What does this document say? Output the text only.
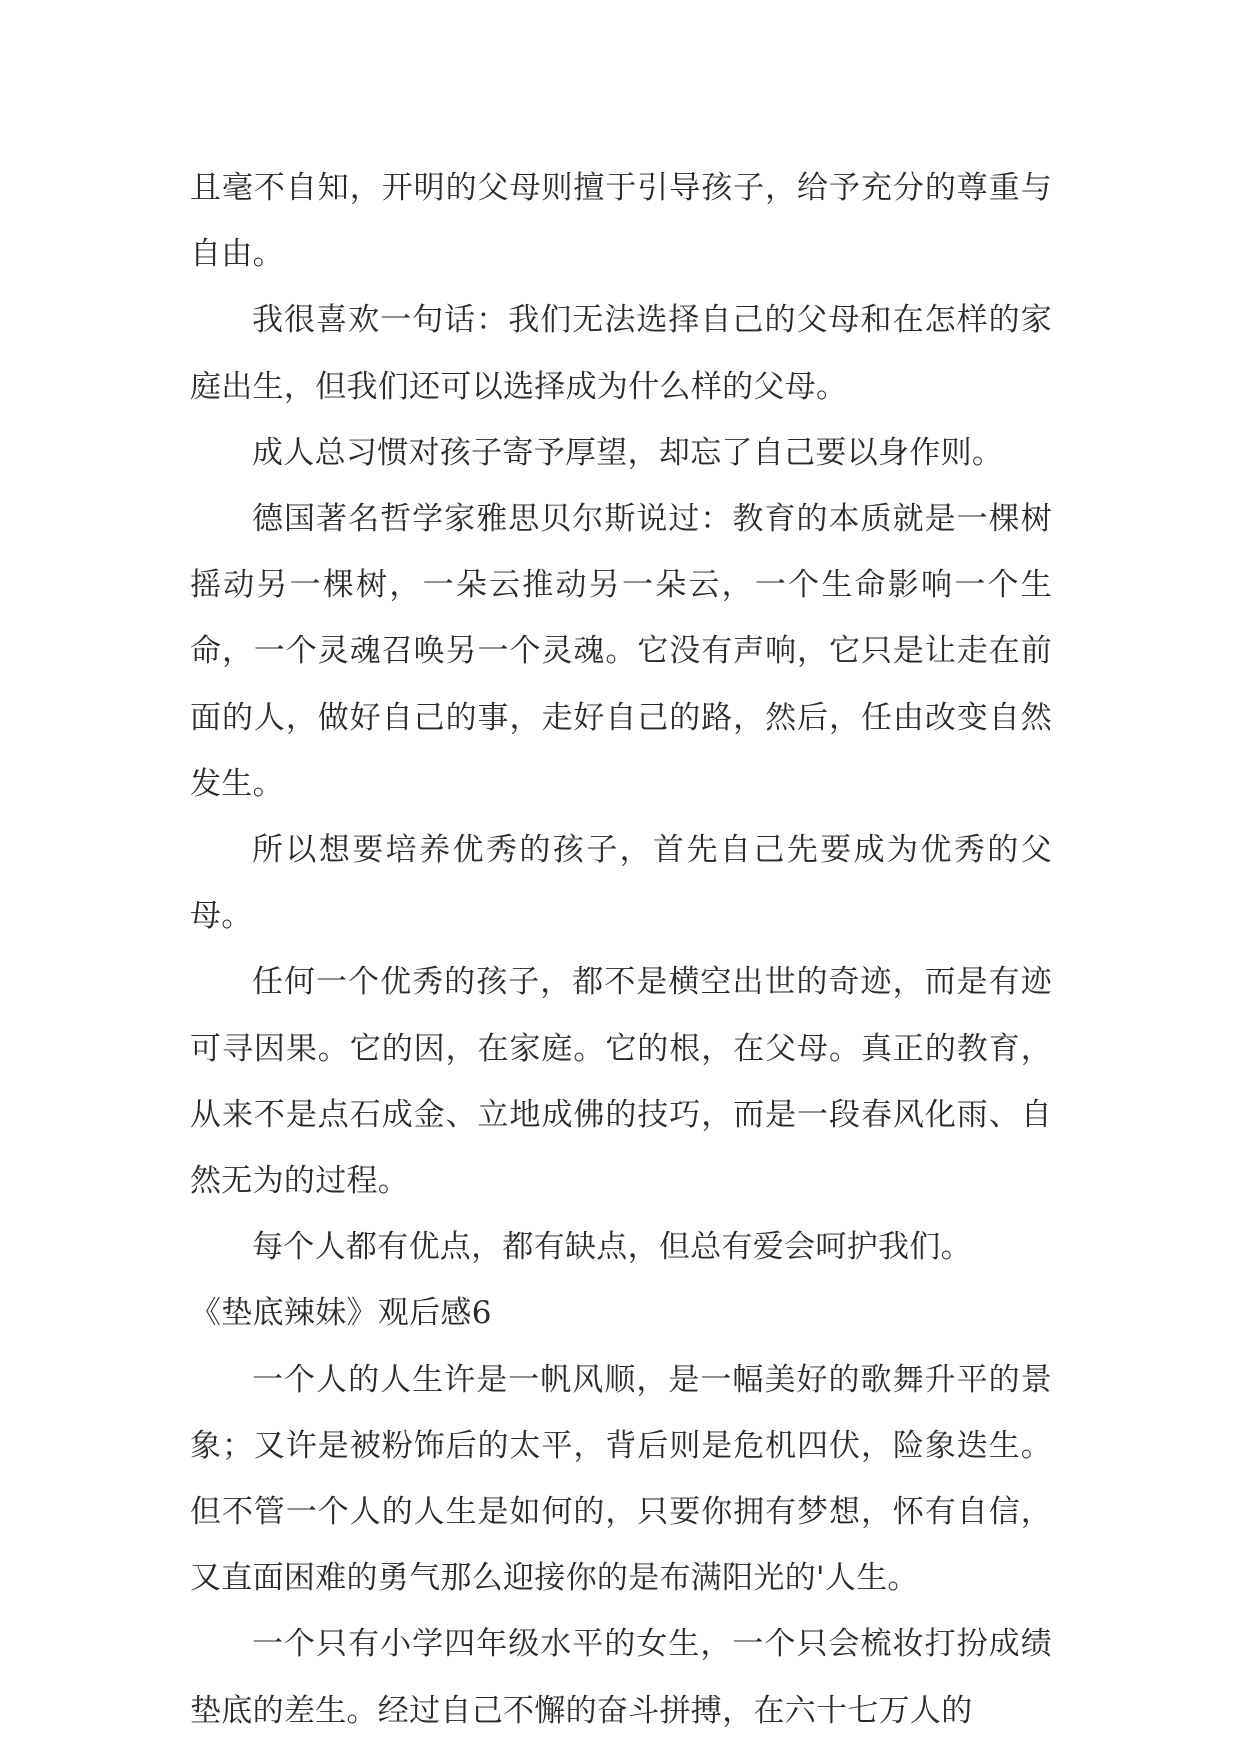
且毫不自知，开明的父母则擅于引导孩子，给予充分的尊重与自由。

我很喜欢一句话：我们无法选择自己的父母和在怎样的家庭出生，但我们还可以选择成为什么样的父母。

成人总习惯对孩子寄予厚望，却忘了自己要以身作则。

德国著名哲学家雅思贝尔斯说过：教育的本质就是一棵树摇动另一棵树，一朵云推动另一朵云，一个生命影响一个生命，一个灵魂召唤另一个灵魂。它没有声响，它只是让走在前面的人，做好自己的事，走好自己的路，然后，任由改变自然发生。

所以想要培养优秀的孩子，首先自己先要成为优秀的父母。

任何一个优秀的孩子，都不是横空出世的奇迹，而是有迹可寻因果。它的因，在家庭。它的根，在父母。真正的教育，从来不是点石成金、立地成佛的技巧，而是一段春风化雨、自然无为的过程。

每个人都有优点，都有缺点，但总有爱会呵护我们。

《垫底辣妹》观后感6

一个人的人生许是一帆风顺，是一幅美好的歌舞升平的景象；又许是被粉饰后的太平，背后则是危机四伏，险象迭生。但不管一个人的人生是如何的，只要你拥有梦想，怀有自信，又直面困难的勇气那么迎接你的是布满阳光的'人生。

一个只有小学四年级水平的女生，一个只会梳妆打扮成绩垫底的差生。经过自己不懈的奋斗拼搏，在六十七万人的
